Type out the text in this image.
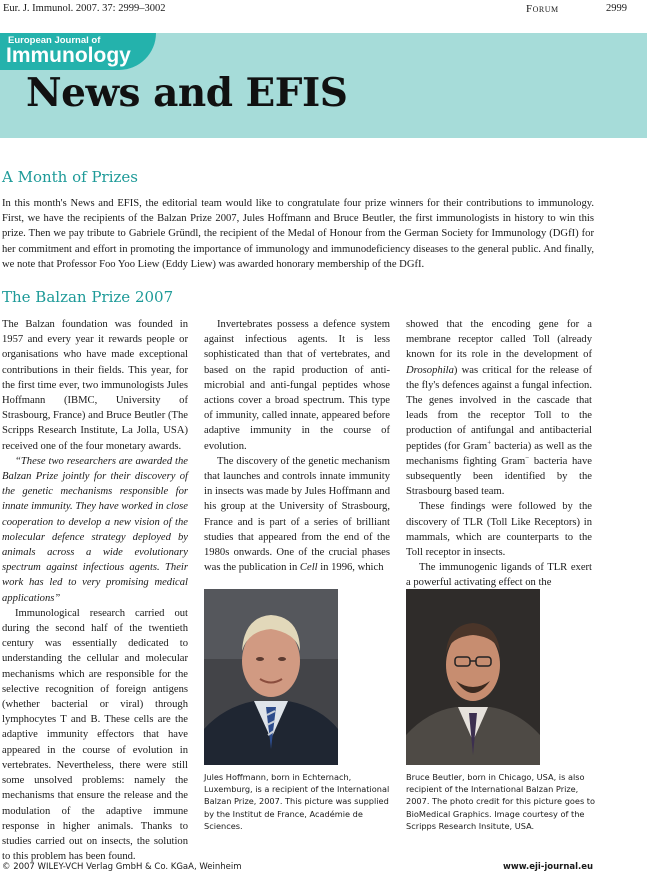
Eur. J. Immunol. 2007. 37: 2999–3002	Forum	2999
European Journal of
Immunology
News and EFIS
A Month of Prizes

In this month's News and EFIS, the editorial team would like to congratulate four prize winners for their contributions to immunology. First, we have the recipients of the Balzan Prize 2007, Jules Hoffmann and Bruce Beutler, the first immunologists in history to win this prize. Then we pay tribute to Gabriele Gründl, the recipient of the Medal of Honour from the German Society for Immunology (DGfI) for her commitment and effort in promoting the importance of immunology and immunodeficiency diseases to the general public. And finally, we note that Professor Foo Yoo Liew (Eddy Liew) was awarded honorary membership of the DGfI.

The Balzan Prize 2007

The Balzan foundation was founded in 1957 and every year it rewards people or organisations who have made exceptional contributions in their fields. This year, for the first time ever, two immunologists Jules Hoffmann (IBMC, University of Strasbourg, France) and Bruce Beutler (The Scripps Research Institute, La Jolla, USA) received one of the four monetary awards.

“These two researchers are awarded the Balzan Prize jointly for their discovery of the genetic mechanisms responsible for innate immunity. They have worked in close cooperation to develop a new vision of the molecular defence strategy deployed by animals across a wide evolutionary spectrum against infectious agents. Their work has led to very promising medical applications”

Immunological research carried out during the second half of the twentieth century was essentially dedicated to understanding the cellular and molecular mechanisms which are responsible for the selective recognition of foreign antigens (whether bacterial or viral) through lymphocytes T and B. These cells are the adaptive immunity effectors that have appeared in the course of evolution in vertebrates. Nevertheless, there were still some unsolved problems: namely the mechanisms that ensure the release and the modulation of the adaptive immune response in higher animals. Thanks to studies carried out on insects, the solution to this problem has been found.

Invertebrates possess a defence system against infectious agents. It is less sophisticated than that of vertebrates, and based on the rapid production of anti-microbial and anti-fungal peptides whose actions cover a broad spectrum. This type of immunity, called innate, appeared before adaptive immunity in the course of evolution.

The discovery of the genetic mechanism that launches and controls innate immunity in insects was made by Jules Hoffmann and his group at the University of Strasbourg, France and is part of a series of brilliant studies that appeared from the end of the 1980s onwards. One of the crucial phases was the publication in Cell in 1996, which

showed that the encoding gene for a membrane receptor called Toll (already known for its role in the development of Drosophila) was critical for the release of the fly's defences against a fungal infection. The genes involved in the cascade that leads from the receptor Toll to the production of antifungal and antibacterial peptides (for Gram+ bacteria) as well as the mechanisms fighting Gram− bacteria have subsequently been identified by the Strasbourg based team.

These findings were followed by the discovery of TLR (Toll Like Receptors) in mammals, which are counterparts to the Toll receptor in insects.

The immunogenic ligands of TLR exert a powerful activating effect on the

Jules Hoffmann, born in Echternach, Luxemburg, is a recipient of the International Balzan Prize, 2007. This picture was supplied by the Institut de France, Académie de Sciences.
Bruce Beutler, born in Chicago, USA, is also recipient of the International Balzan Prize, 2007. The photo credit for this picture goes to BioMedical Graphics. Image courtesy of the Scripps Research Insitute, USA.
© 2007 WILEY-VCH Verlag GmbH & Co. KGaA, Weinheim	www.eji-journal.eu
